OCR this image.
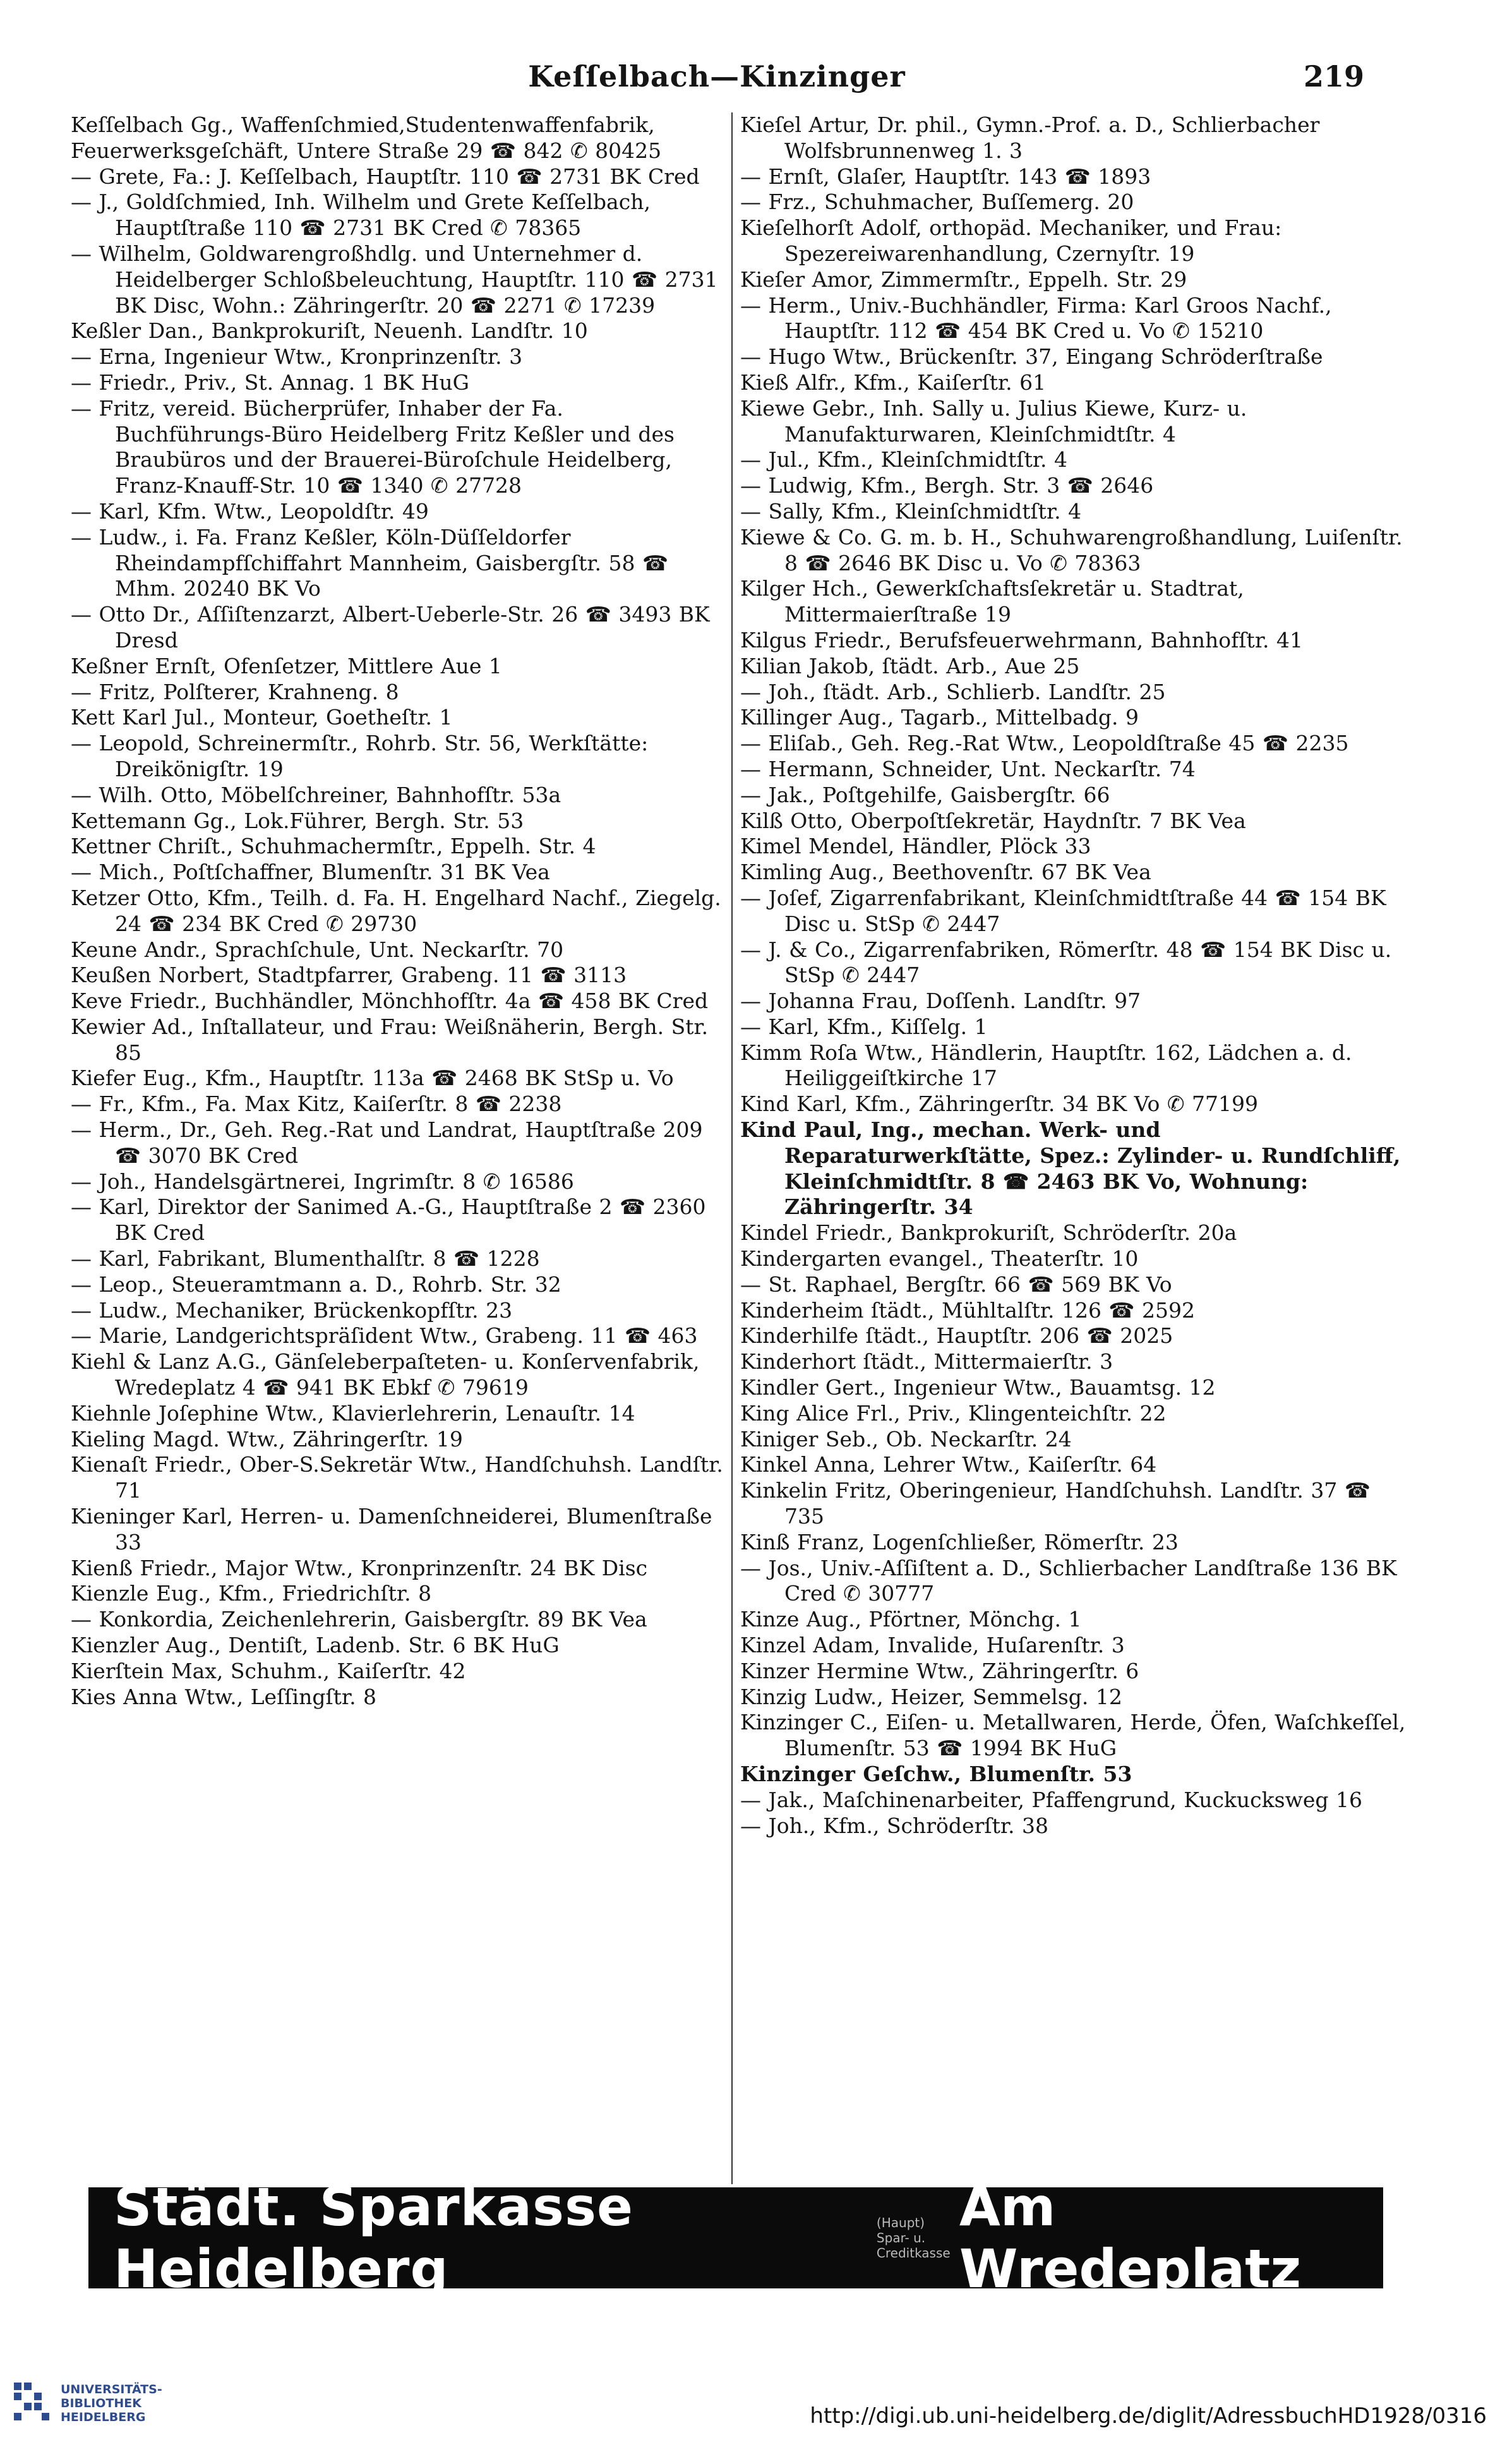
Keſſelbach—Kinzinger	219

Keſſelbach Gg., Waffenſchmied,Studentenwaffenfabrik,

Feuerwerksgeſchäft, Untere Straße 29 ☎ 842 ✆ 80425

— Grete, Fa.: J. Keſſelbach, Hauptſtr. 110 ☎ 2731 BK Cred

— J., Goldſchmied, Inh. Wilhelm und Grete Keſſelbach, Hauptſtraße 110 ☎ 2731 BK Cred ✆ 78365

— Wilhelm, Goldwarengroßhdlg. und Unternehmer d. Heidelberger Schloßbeleuchtung, Hauptſtr. 110 ☎ 2731 BK Disc, Wohn.: Zähringerſtr. 20 ☎ 2271 ✆ 17239

Keßler Dan., Bankprokuriſt, Neuenh. Landſtr. 10

— Erna, Ingenieur Wtw., Kronprinzenſtr. 3

— Friedr., Priv., St. Annag. 1 BK HuG

— Fritz, vereid. Bücherprüfer, Inhaber der Fa. Buchführungs-Büro Heidelberg Fritz Keßler und des Braubüros und der Brauerei-Büroſchule Heidelberg, Franz-Knauff-Str. 10 ☎ 1340 ✆ 27728

— Karl, Kfm. Wtw., Leopoldſtr. 49

— Ludw., i. Fa. Franz Keßler, Köln-Düſſeldorfer Rheindampfſchiffahrt Mannheim, Gaisbergſtr. 58 ☎ Mhm. 20240 BK Vo

— Otto Dr., Aſſiſtenzarzt, Albert-Ueberle-Str. 26 ☎ 3493 BK Dresd

Keßner Ernſt, Ofenſetzer, Mittlere Aue 1

— Fritz, Polſterer, Krahneng. 8

Kett Karl Jul., Monteur, Goetheſtr. 1

— Leopold, Schreinermſtr., Rohrb. Str. 56, Werkſtätte: Dreikönigſtr. 19

— Wilh. Otto, Möbelſchreiner, Bahnhofſtr. 53a

Kettemann Gg., Lok.Führer, Bergh. Str. 53

Kettner Chriſt., Schuhmachermſtr., Eppelh. Str. 4

— Mich., Poſtſchaffner, Blumenſtr. 31 BK Vea

Ketzer Otto, Kfm., Teilh. d. Fa. H. Engelhard Nachf., Ziegelg. 24 ☎ 234 BK Cred ✆ 29730

Keune Andr., Sprachſchule, Unt. Neckarſtr. 70

Keußen Norbert, Stadtpfarrer, Grabeng. 11 ☎ 3113

Keve Friedr., Buchhändler, Mönchhofſtr. 4a ☎ 458 BK Cred

Kewier Ad., Inſtallateur, und Frau: Weißnäherin, Bergh. Str. 85

Kiefer Eug., Kfm., Hauptſtr. 113a ☎ 2468 BK StSp u. Vo

— Fr., Kfm., Fa. Max Kitz, Kaiſerſtr. 8 ☎ 2238

— Herm., Dr., Geh. Reg.-Rat und Landrat, Hauptſtraße 209 ☎ 3070 BK Cred

— Joh., Handelsgärtnerei, Ingrimſtr. 8 ✆ 16586

— Karl, Direktor der Sanimed A.-G., Hauptſtraße 2 ☎ 2360 BK Cred

— Karl, Fabrikant, Blumenthalſtr. 8 ☎ 1228

— Leop., Steueramtmann a. D., Rohrb. Str. 32

— Ludw., Mechaniker, Brückenkopfſtr. 23

— Marie, Landgerichtspräſident Wtw., Grabeng. 11 ☎ 463

Kiehl & Lanz A.G., Gänſeleberpaſteten- u. Konſervenfabrik, Wredeplatz 4 ☎ 941 BK Ebkf ✆ 79619

Kiehnle Joſephine Wtw., Klavierlehrerin, Lenauſtr. 14

Kieling Magd. Wtw., Zähringerſtr. 19

Kienaſt Friedr., Ober-S.Sekretär Wtw., Handſchuhsh. Landſtr. 71

Kieninger Karl, Herren- u. Damenſchneiderei, Blumenſtraße 33

Kienß Friedr., Major Wtw., Kronprinzenſtr. 24 BK Disc

Kienzle Eug., Kfm., Friedrichſtr. 8

— Konkordia, Zeichenlehrerin, Gaisbergſtr. 89 BK Vea

Kienzler Aug., Dentiſt, Ladenb. Str. 6 BK HuG

Kierſtein Max, Schuhm., Kaiſerſtr. 42

Kies Anna Wtw., Leſſingſtr. 8

Kieſel Artur, Dr. phil., Gymn.-Prof. a. D., Schlierbacher Wolfsbrunnenweg 1. 3

— Ernſt, Glaſer, Hauptſtr. 143 ☎ 1893

— Frz., Schuhmacher, Buſſemerg. 20

Kieſelhorſt Adolf, orthopäd. Mechaniker, und Frau: Spezereiwarenhandlung, Czernyſtr. 19

Kieſer Amor, Zimmermſtr., Eppelh. Str. 29

— Herm., Univ.-Buchhändler, Firma: Karl Groos Nachf., Hauptſtr. 112 ☎ 454 BK Cred u. Vo ✆ 15210

— Hugo Wtw., Brückenſtr. 37, Eingang Schröderſtraße

Kieß Alfr., Kfm., Kaiſerſtr. 61

Kiewe Gebr., Inh. Sally u. Julius Kiewe, Kurz- u. Manufakturwaren, Kleinſchmidtſtr. 4

— Jul., Kfm., Kleinſchmidtſtr. 4

— Ludwig, Kfm., Bergh. Str. 3 ☎ 2646

— Sally, Kfm., Kleinſchmidtſtr. 4

Kiewe & Co. G. m. b. H., Schuhwarengroßhandlung, Luiſenſtr. 8 ☎ 2646 BK Disc u. Vo ✆ 78363

Kilger Hch., Gewerkſchaftsſekretär u. Stadtrat, Mittermaierſtraße 19

Kilgus Friedr., Berufsfeuerwehrmann, Bahnhofſtr. 41

Kilian Jakob, ſtädt. Arb., Aue 25

— Joh., ſtädt. Arb., Schlierb. Landſtr. 25

Killinger Aug., Tagarb., Mittelbadg. 9

— Eliſab., Geh. Reg.-Rat Wtw., Leopoldſtraße 45 ☎ 2235

— Hermann, Schneider, Unt. Neckarſtr. 74

— Jak., Poſtgehilfe, Gaisbergſtr. 66

Kilß Otto, Oberpoſtſekretär, Haydnſtr. 7 BK Vea

Kimel Mendel, Händler, Plöck 33

Kimling Aug., Beethovenſtr. 67 BK Vea

— Joſef, Zigarrenfabrikant, Kleinſchmidtſtraße 44 ☎ 154 BK Disc u. StSp ✆ 2447

— J. & Co., Zigarrenfabriken, Römerſtr. 48 ☎ 154 BK Disc u. StSp ✆ 2447

— Johanna Frau, Doſſenh. Landſtr. 97

— Karl, Kfm., Kiſſelg. 1

Kimm Roſa Wtw., Händlerin, Hauptſtr. 162, Lädchen a. d. Heiliggeiſtkirche 17

Kind Karl, Kfm., Zähringerſtr. 34 BK Vo ✆ 77199

Kind Paul, Ing., mechan. Werk- und Reparaturwerkſtätte, Spez.: Zylinder- u. Rundſchliff, Kleinſchmidtſtr. 8 ☎ 2463 BK Vo, Wohnung: Zähringerſtr. 34

Kindel Friedr., Bankprokuriſt, Schröderſtr. 20a

Kindergarten evangel., Theaterſtr. 10

— St. Raphael, Bergſtr. 66 ☎ 569 BK Vo

Kinderheim ſtädt., Mühltalſtr. 126 ☎ 2592

Kinderhilfe ſtädt., Hauptſtr. 206 ☎ 2025

Kinderhort ſtädt., Mittermaierſtr. 3

Kindler Gert., Ingenieur Wtw., Bauamtsg. 12

King Alice Frl., Priv., Klingenteichſtr. 22

Kiniger Seb., Ob. Neckarſtr. 24

Kinkel Anna, Lehrer Wtw., Kaiſerſtr. 64

Kinkelin Fritz, Oberingenieur, Handſchuhsh. Landſtr. 37 ☎ 735

Kinß Franz, Logenſchließer, Römerſtr. 23

— Jos., Univ.-Aſſiſtent a. D., Schlierbacher Landſtraße 136 BK Cred ✆ 30777

Kinze Aug., Pförtner, Mönchg. 1

Kinzel Adam, Invalide, Huſarenſtr. 3

Kinzer Hermine Wtw., Zähringerſtr. 6

Kinzig Ludw., Heizer, Semmelsg. 12

Kinzinger C., Eiſen- u. Metallwaren, Herde, Öfen, Waſchkeſſel, Blumenſtr. 53 ☎ 1994 BK HuG

Kinzinger Geſchw., Blumenſtr. 53

— Jak., Maſchinenarbeiter, Pfaffengrund, Kuckucksweg 16

— Joh., Kfm., Schröderſtr. 38

Städt. Sparkasse Heidelberg
(Haupt) Spar- u. Creditkasse
Am Wredeplatz
UNIVERSITÄTS-
BIBLIOTHEK
HEIDELBERG	http://digi.ub.uni-heidelberg.de/diglit/AdressbuchHD1928/0316
